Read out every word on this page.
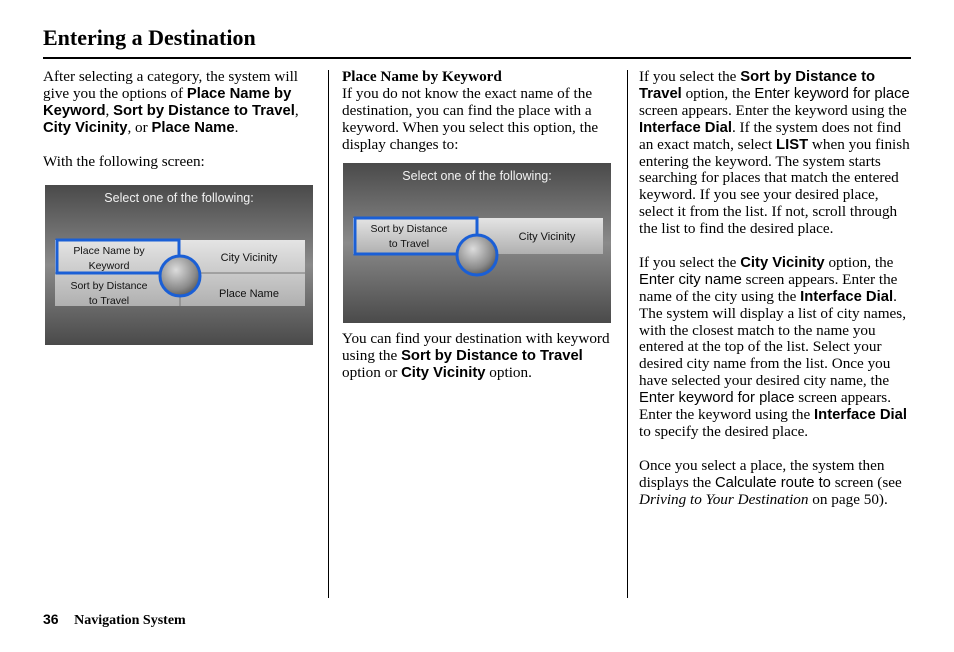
Entering a Destination

After selecting a category, the system will give you the options of Place Name by Keyword, Sort by Distance to Travel, City Vicinity, or Place Name.

With the following screen:

Select one of the following:
Place Name by
Keyword
Sort by Distance
to Travel
City Vicinity
Place Name

Place Name by Keyword

If you do not know the exact name of the destination, you can find the place with a keyword. When you select this option, the display changes to:

Select one of the following:
Sort by Distance
to Travel
City Vicinity

You can find your destination with keyword using the Sort by Distance to Travel option or City Vicinity option.

If you select the Sort by Distance to Travel option, the Enter keyword for place screen appears. Enter the keyword using the Interface Dial. If the system does not find an exact match, select LIST when you finish entering the keyword. The system starts searching for places that match the entered keyword. If you see your desired place, select it from the list. If not, scroll through the list to find the desired place.

If you select the City Vicinity option, the Enter city name screen appears. Enter the name of the city using the Interface Dial. The system will display a list of city names, with the closest match to the name you entered at the top of the list. Select your desired city name from the list. Once you have selected your desired city name, the Enter keyword for place screen appears. Enter the keyword using the Interface Dial to specify the desired place.

Once you select a place, the system then displays the Calculate route to screen (see Driving to Your Destination on page 50).

36 Navigation System
